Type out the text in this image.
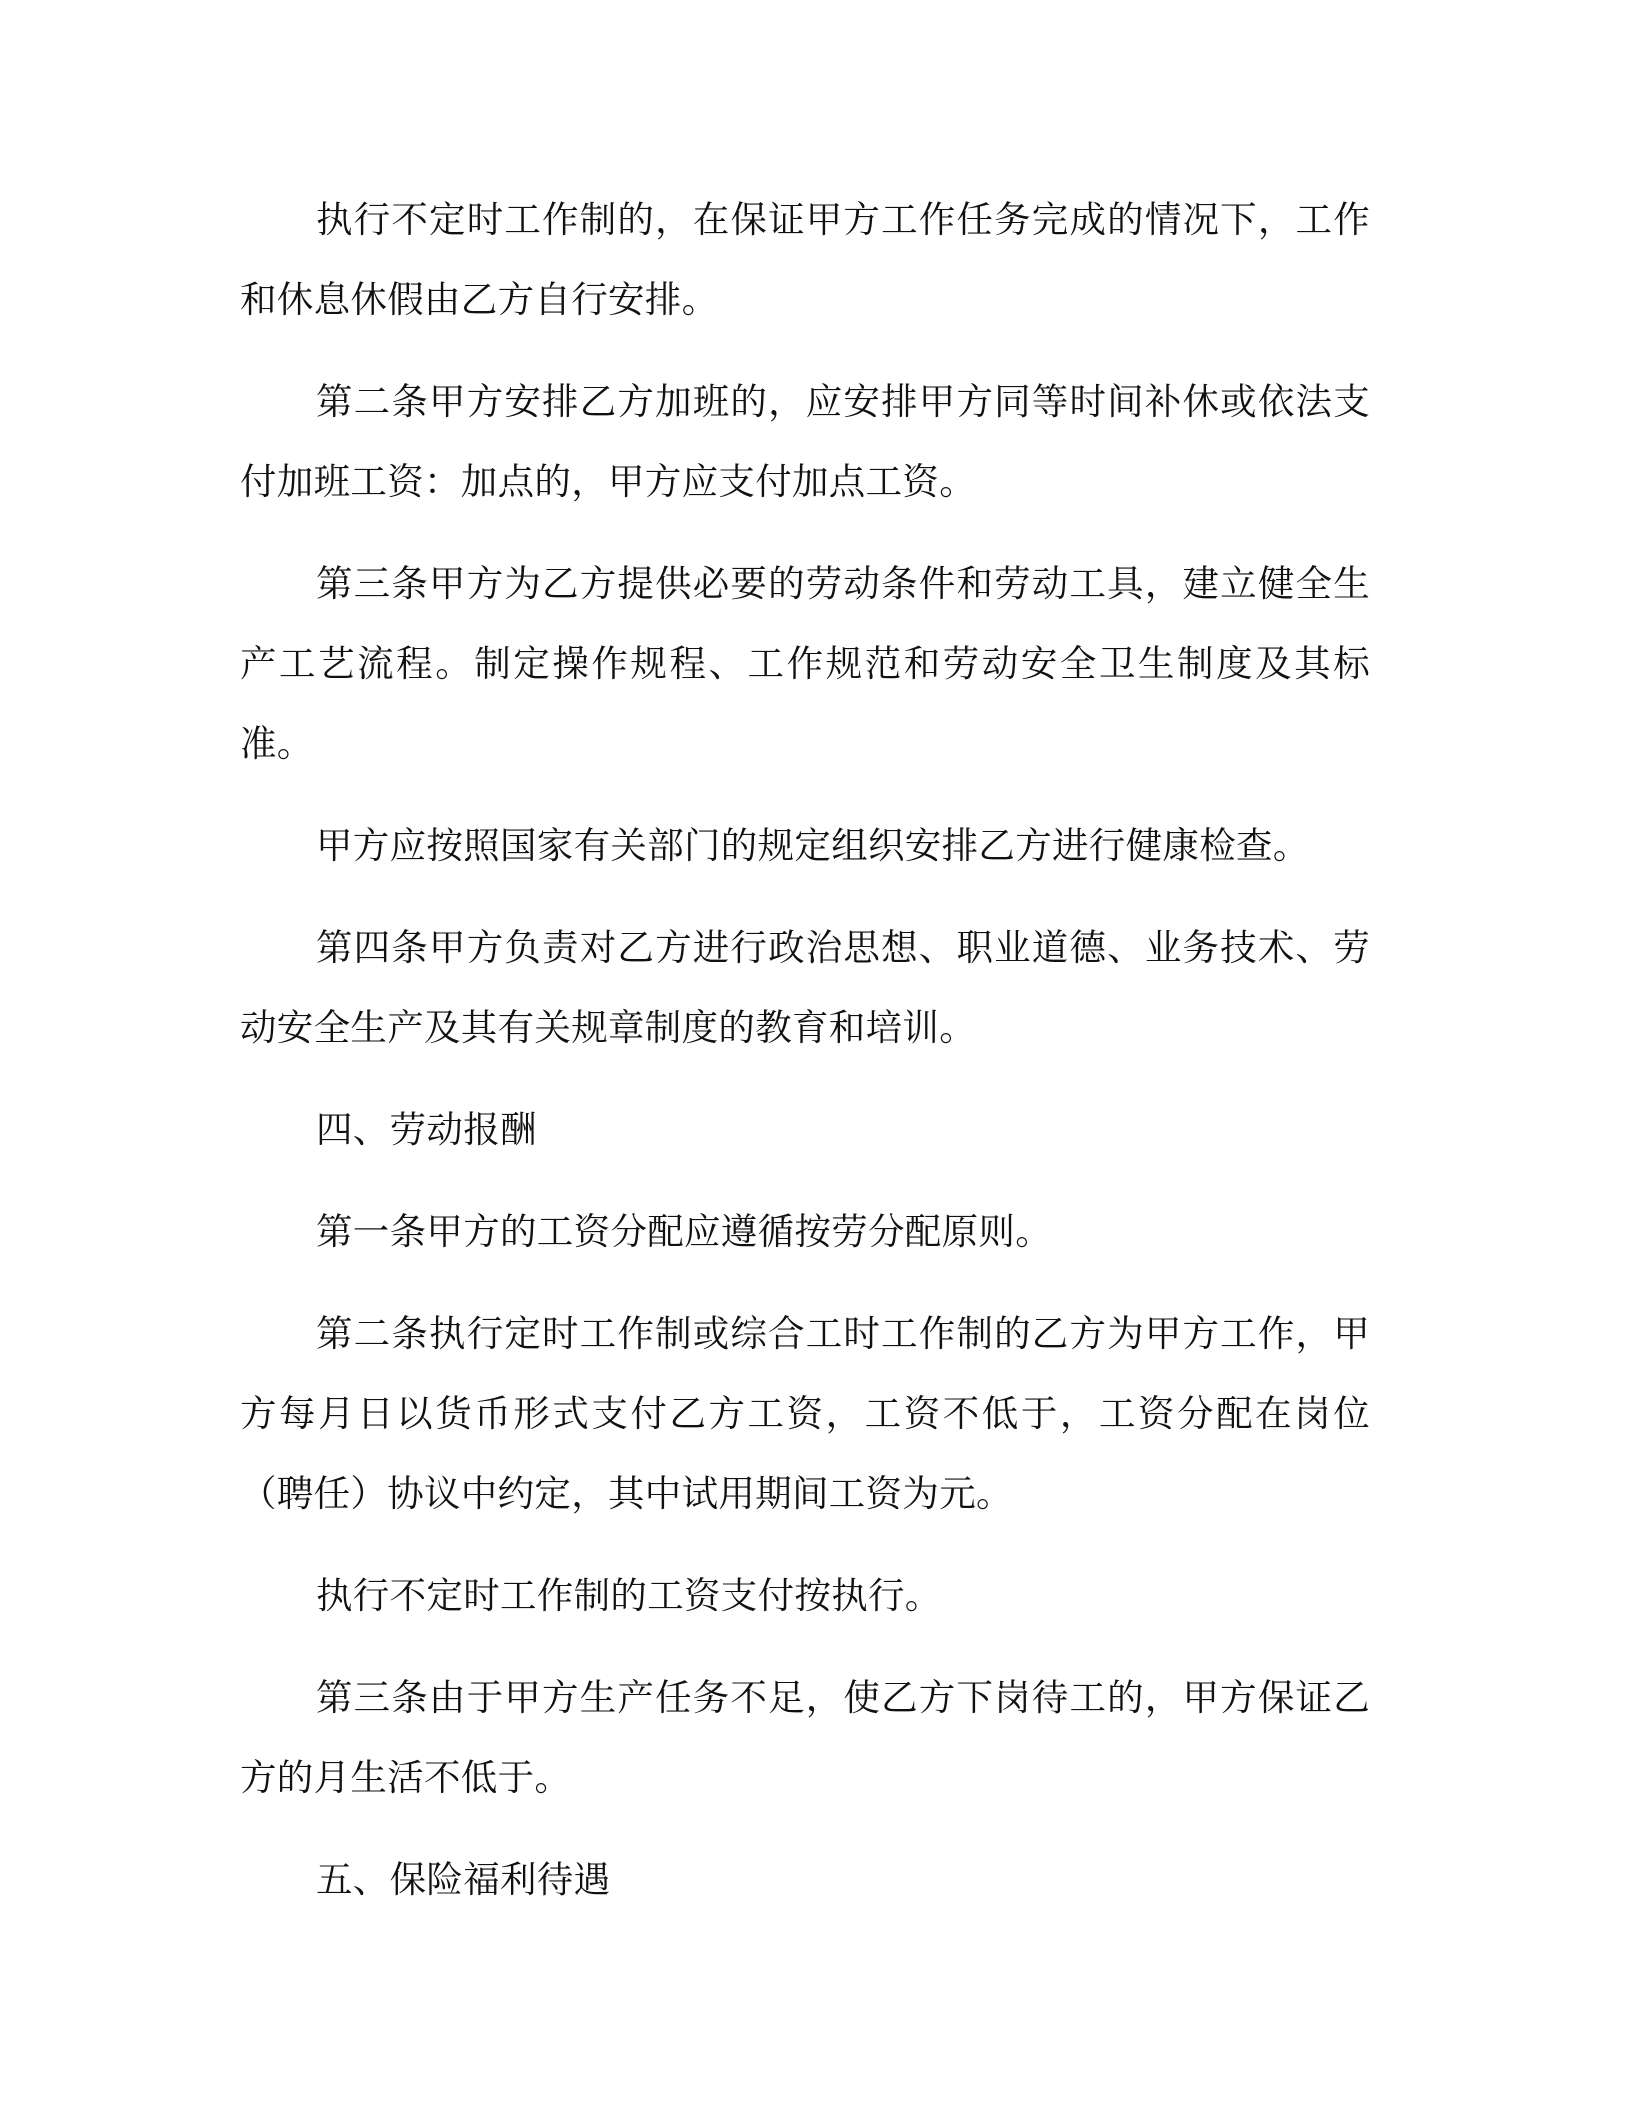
执行不定时工作制的，在保证甲方工作任务完成的情况下，工作和休息休假由乙方自行安排。

第二条甲方安排乙方加班的，应安排甲方同等时间补休或依法支付加班工资：加点的，甲方应支付加点工资。

第三条甲方为乙方提供必要的劳动条件和劳动工具，建立健全生产工艺流程。制定操作规程、工作规范和劳动安全卫生制度及其标准。

甲方应按照国家有关部门的规定组织安排乙方进行健康检查。

第四条甲方负责对乙方进行政治思想、职业道德、业务技术、劳动安全生产及其有关规章制度的教育和培训。

四、劳动报酬

第一条甲方的工资分配应遵循按劳分配原则。

第二条执行定时工作制或综合工时工作制的乙方为甲方工作，甲方每月日以货币形式支付乙方工资，工资不低于，工资分配在岗位（聘任）协议中约定，其中试用期间工资为元。

执行不定时工作制的工资支付按执行。

第三条由于甲方生产任务不足，使乙方下岗待工的，甲方保证乙方的月生活不低于。

五、保险福利待遇
